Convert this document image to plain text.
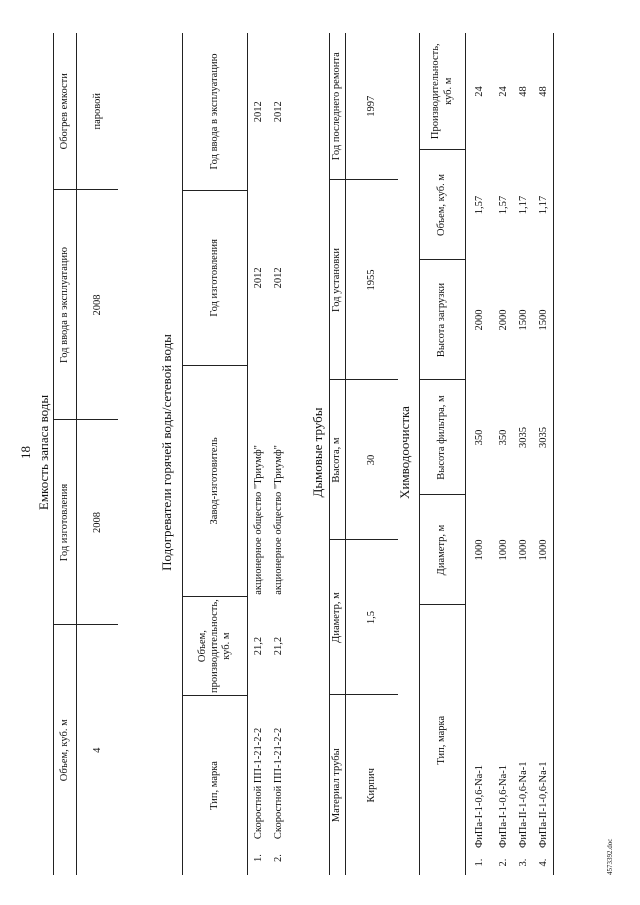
18 Емкость запаса воды
Объем, куб. м	Год изготовления	Год ввода в эксплуатацию	Обогрев емкости
4	2008	2008	паровой
Подогреватели горячей воды/сетевой воды
Тип, марка		Объем, производительность, куб. м	Завод-изготовитель	Год изготовления	Год ввода в эксплуатацию
1.	Скоростной ПП-1-21-2-2	21,2	акционерное общество "Триумф"	2012	2012
2.	Скоростной ПП-1-21-2-2	21,2	акционерное общество "Триумф"	2012	2012
Дымовые трубы
Материал трубы	Диаметр, м	Высота, м	Год установки	Год последнего ремонта
Кирпич	1,5	30	1955	1997
Химводоочистка
Тип, марка		Диаметр, м	Высота фильтра, м	Высота загрузки	Объем, куб. м	Производительность, куб. м
1.	ФиПа-I-1-0,6-Na-1	1000	350	2000	1,57	24
2.	ФиПа-I-1-0,6-Na-1	1000	350	2000	1,57	24
3.	ФиПа-II-1-0,6-Na-1	1000	3035	1500	1,17	48
4.	ФиПа-II-1-0,6-Na-1	1000	3035	1500	1,17	48
4573392.doc
